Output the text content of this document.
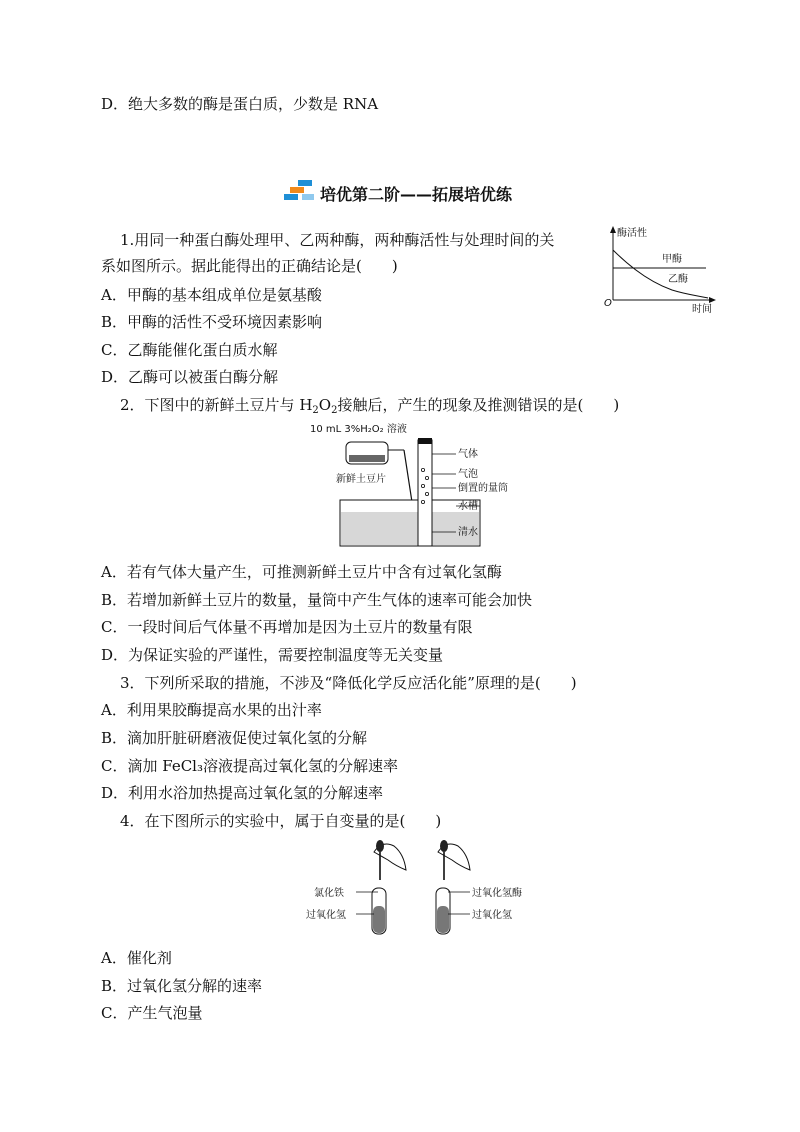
D．绝大多数的酶是蛋白质，少数是 RNA
培优第二阶——拓展培优练
1.用同一种蛋白酶处理甲、乙两种酶，两种酶活性与处理时间的关
系如图所示。据此能得出的正确结论是(　　)
A．甲酶的基本组成单位是氨基酸
B．甲酶的活性不受环境因素影响
C．乙酶能催化蛋白质水解
D．乙酶可以被蛋白酶分解
酶活性
甲酶
乙酶
O
时间
2．下图中的新鲜土豆片与 $H_2O_2$接触后，产生的现象及推测错误的是(　　)
10 mL 3%H₂O₂ 溶液
新鲜土豆片
气体
气泡
倒置的量筒
水槽
清水
A．若有气体大量产生，可推测新鲜土豆片中含有过氧化氢酶
B．若增加新鲜土豆片的数量，量筒中产生气体的速率可能会加快
C．一段时间后气体量不再增加是因为土豆片的数量有限
D．为保证实验的严谨性，需要控制温度等无关变量
3．下列所采取的措施，不涉及“降低化学反应活化能”原理的是(　　)
A．利用果胶酶提高水果的出汁率
B．滴加肝脏研磨液促使过氧化氢的分解
C．滴加 FeCl₃溶液提高过氧化氢的分解速率
D．利用水浴加热提高过氧化氢的分解速率
4．在下图所示的实验中，属于自变量的是(　　)
氯化铁
过氧化氢
过氧化氢酶
过氧化氢
A．催化剂
B．过氧化氢分解的速率
C．产生气泡量
